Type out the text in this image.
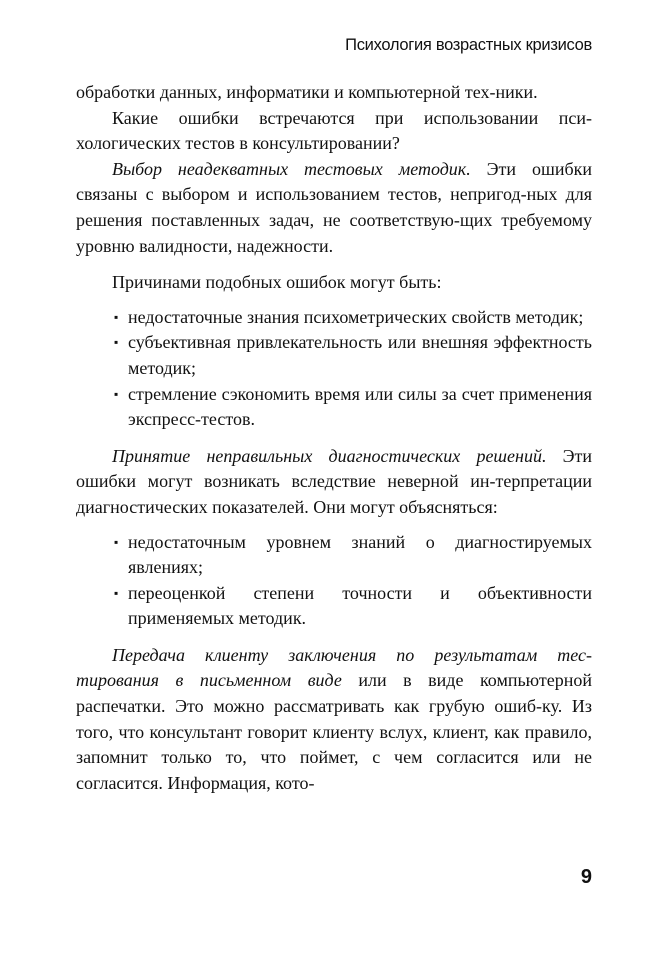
Психология возрастных кризисов

обработки данных, информатики и компьютерной тех-ники.

Какие ошибки встречаются при использовании пси-хологических тестов в консультировании?

Выбор неадекватных тестовых методик. Эти ошибки связаны с выбором и использованием тестов, непригод-ных для решения поставленных задач, не соответствую-щих требуемому уровню валидности, надежности.

Причинами подобных ошибок могут быть:

▪ недостаточные знания психометрических свойств методик;
▪ субъективная привлекательность или внешняя эффектность методик;
▪ стремление сэкономить время или силы за счет применения экспресс-тестов.

Принятие неправильных диагностических решений. Эти ошибки могут возникать вследствие неверной ин-терпретации диагностических показателей. Они могут объясняться:

▪ недостаточным уровнем знаний о диагностируемых явлениях;
▪ переоценкой степени точности и объективности применяемых методик.

Передача клиенту заключения по результатам тес-тирования в письменном виде или в виде компьютерной распечатки. Это можно рассматривать как грубую ошиб-ку. Из того, что консультант говорит клиенту вслух, клиент, как правило, запомнит только то, что поймет, с чем согласится или не согласится. Информация, кото-

9
